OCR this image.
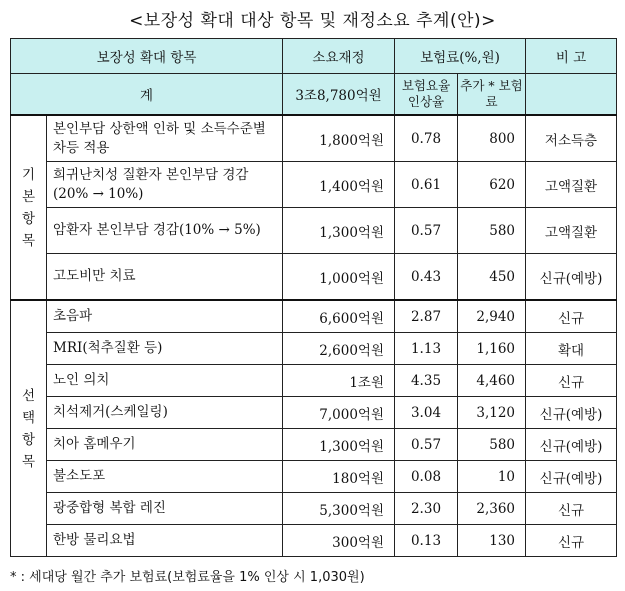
<보장성 확대 대상 항목 및 재정소요 추계(안)>
보장성 확대 항목		소요재정	보험료(%,원)		비 고
계		3조8,780억원	보험요율 인상율	추가 * 보험료	
기본항목	본인부담 상한액 인하 및 소득수준별 차등 적용	1,800억원	0.78	800	저소득층
	희귀난치성 질환자 본인부담 경감 (20% → 10%)	1,400억원	0.61	620	고액질환
	암환자 본인부담 경감(10% → 5%)	1,300억원	0.57	580	고액질환
	고도비만 치료	1,000억원	0.43	450	신규(예방)
선택항목	초음파	6,600억원	2.87	2,940	신규
	MRI(척추질환 등)	2,600억원	1.13	1,160	확대
	노인 의치	1조원	4.35	4,460	신규
	치석제거(스케일링)	7,000억원	3.04	3,120	신규(예방)
	치아 홈메우기	1,300억원	0.57	580	신규(예방)
	불소도포	180억원	0.08	10	신규(예방)
	광중합형 복합 레진	5,300억원	2.30	2,360	신규
	한방 물리요법	300억원	0.13	130	신규
* : 세대당 월간 추가 보험료(보험료율을 1% 인상 시 1,030원)
